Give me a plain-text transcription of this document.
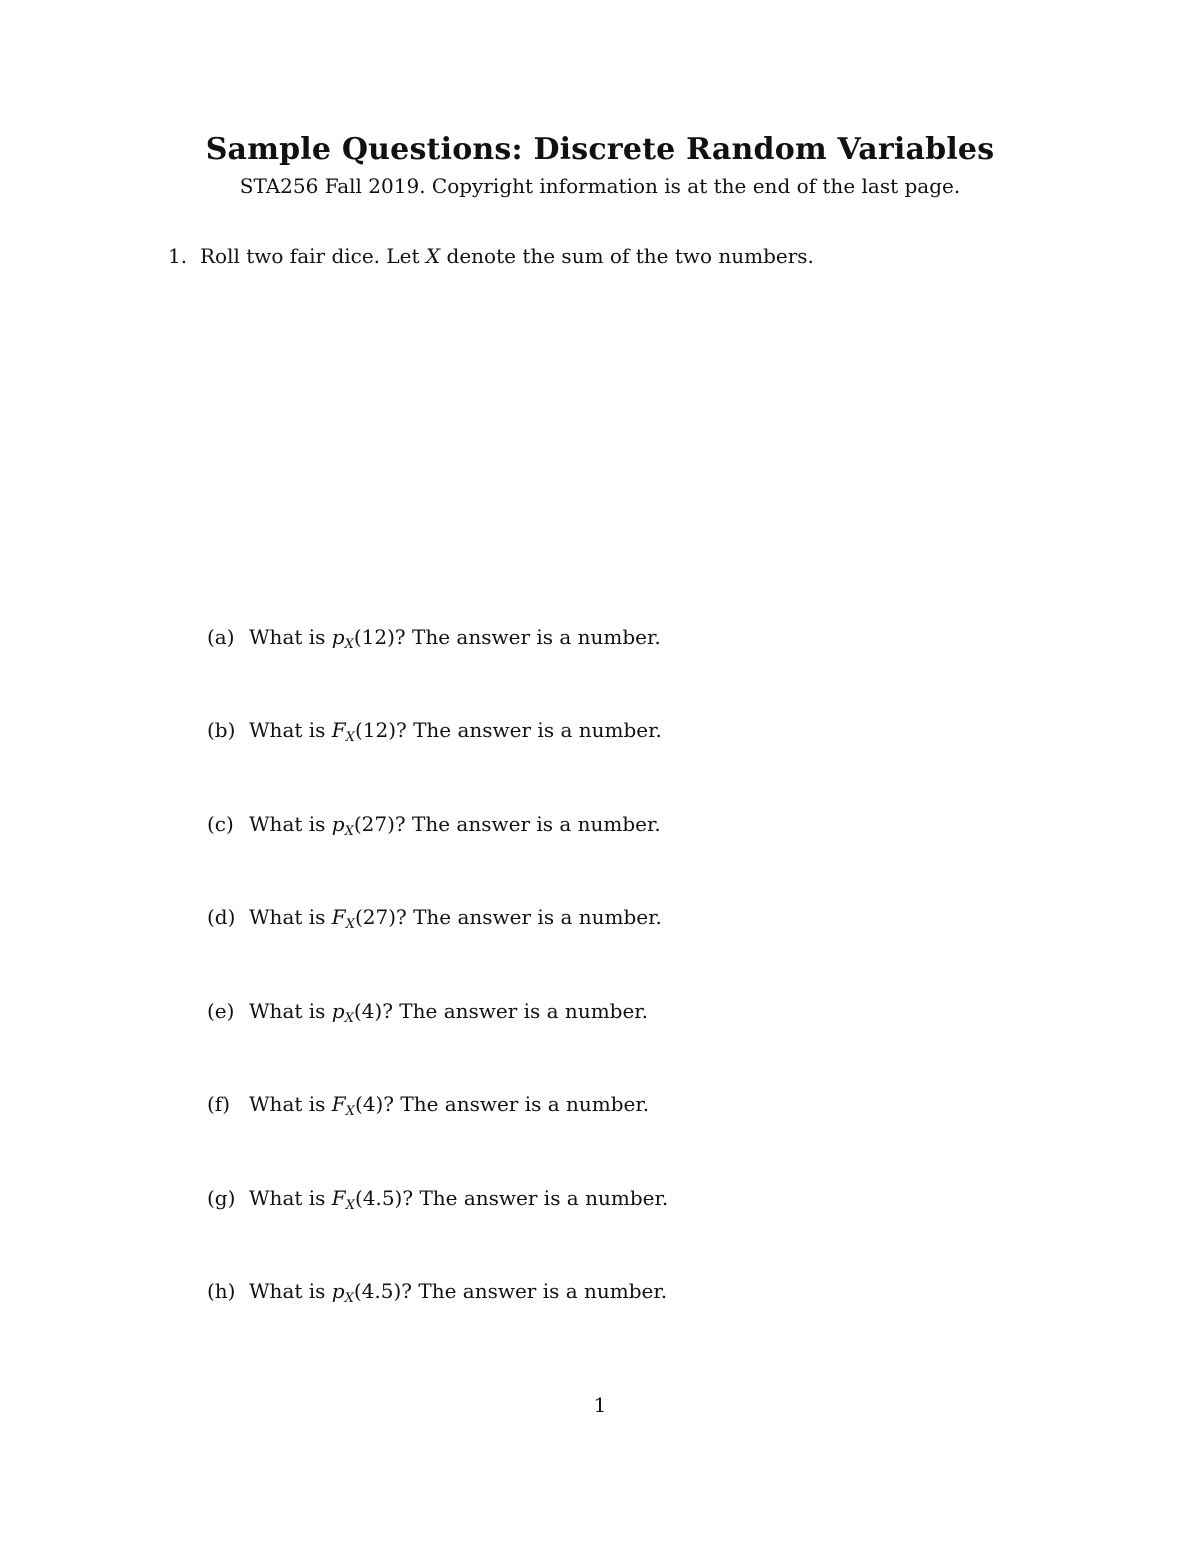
Sample Questions: Discrete Random Variables
STA256 Fall 2019. Copyright information is at the end of the last page.
1. Roll two fair dice. Let X denote the sum of the two numbers.
(a) What is $p_X(12)$? The answer is a number.
(b) What is $F_X(12)$? The answer is a number.
(c) What is $p_X(27)$? The answer is a number.
(d) What is $F_X(27)$? The answer is a number.
(e) What is $p_X(4)$? The answer is a number.
(f) What is $F_X(4)$? The answer is a number.
(g) What is $F_X(4.5)$? The answer is a number.
(h) What is $p_X(4.5)$? The answer is a number.
1
